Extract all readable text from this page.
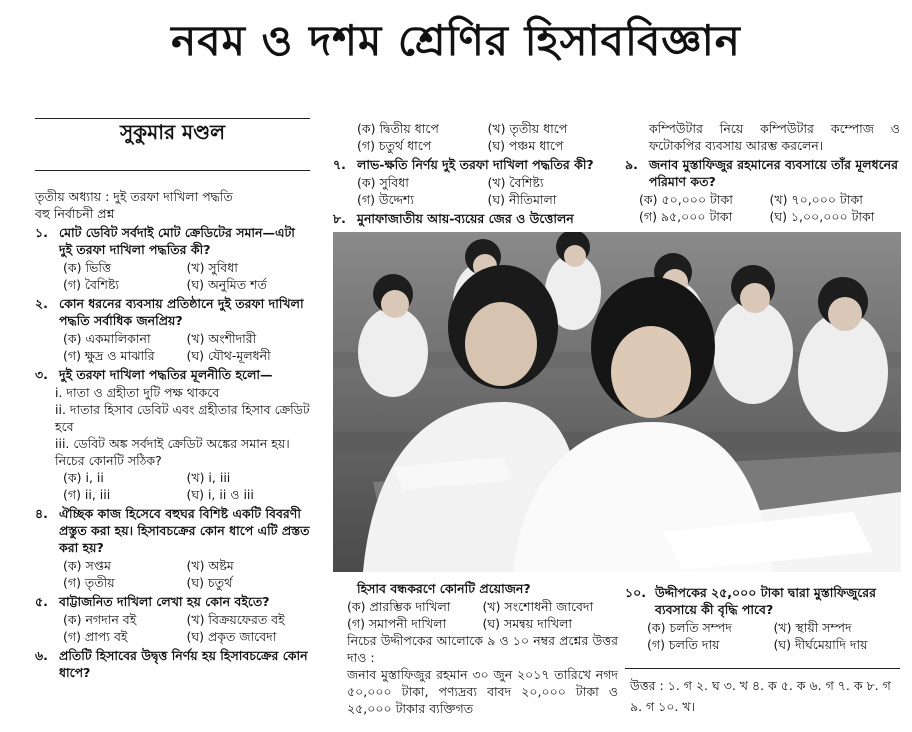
নবম ও দশম শ্রেণির হিসাববিজ্ঞান
সুকুমার মণ্ডল

তৃতীয় অধ্যায় : দুই তরফা দাখিলা পদ্ধতি

বহু নির্বাচনী প্রশ্ন

১. মোট ডেবিট সর্বদাই মোট ক্রেডিটের সমান—এটা দুই তরফা দাখিলা পদ্ধতির কী?
(ক) ভিত্তি	(খ) সুবিধা
(গ) বৈশিষ্ট্য	(ঘ) অনুমিত শর্ত
২. কোন ধরনের ব্যবসায় প্রতিষ্ঠানে দুই তরফা দাখিলা পদ্ধতি সর্বাধিক জনপ্রিয়?
(ক) একমালিকানা	(খ) অংশীদারী
(গ) ক্ষুদ্র ও মাঝারি	(ঘ) যৌথ-মূলধনী
৩. দুই তরফা দাখিলা পদ্ধতির মূলনীতি হলো—
i. দাতা ও গ্রহীতা দুটি পক্ষ থাকবে
ii. দাতার হিসাব ডেবিট এবং গ্রহীতার হিসাব ক্রেডিট হবে
iii. ডেবিট অঙ্ক সর্বদাই ক্রেডিট অঙ্কের সমান হয়।
নিচের কোনটি সঠিক?
(ক) i, ii	(খ) i, iii
(গ) ii, iii	(ঘ) i, ii ও iii
৪. ঐচ্ছিক কাজ হিসেবে বহুঘর বিশিষ্ট একটি বিবরণী প্রস্তুত করা হয়। হিসাবচক্রের কোন ধাপে এটি প্রস্তত করা হয়?
(ক) সপ্তম	(খ) অষ্টম
(গ) তৃতীয়	(ঘ) চতুর্থ
৫. বাট্টাজনিত দাখিলা লেখা হয় কোন বইতে?
(ক) নগদান বই	(খ) বিক্রয়ফেরত বই
(গ) প্রাপ্য বই	(ঘ) প্রকৃত জাবেদা
৬. প্রতিটি হিসাবের উদ্বৃত্ত নির্ণয় হয় হিসাবচক্রের কোন ধাপে?
(ক) দ্বিতীয় ধাপে	(খ) তৃতীয় ধাপে
(গ) চতুর্থ ধাপে	(ঘ) পঞ্চম ধাপে
৭. লাভ-ক্ষতি নির্ণয় দুই তরফা দাখিলা পদ্ধতির কী?
(ক) সুবিধা	(খ) বৈশিষ্ট্য
(গ) উদ্দেশ্য	(ঘ) নীতিমালা
৮. মুনাফাজাতীয় আয়-ব্যয়ের জের ও উত্তোলন

কম্পিউটার নিয়ে কম্পিউটার কম্পোজ ও ফটোকপির ব্যবসায় আরম্ভ করলেন।

৯. জনাব মুস্তাফিজুর রহমানের ব্যবসায়ে তাঁর মূলধনের পরিমাণ কত?
(ক) ৫০,০০০ টাকা	(খ) ৭০,০০০ টাকা
(গ) ৯৫,০০০ টাকা	(ঘ) ১,০০,০০০ টাকা
হিসাব বন্ধকরণে কোনটি প্রয়োজন?
(ক) প্রারম্ভিক দাখিলা	(খ) সংশোধনী জাবেদা
(গ) সমাপনী দাখিলা	(ঘ) সমন্বয় দাখিলা

নিচের উদ্দীপকের আলোকে ৯ ও ১০ নম্বর প্রশ্নের উত্তর দাও :

জনাব মুস্তাফিজুর রহমান ৩০ জুন ২০১৭ তারিখে নগদ ৫০,০০০ টাকা, পণ্যদ্রব্য বাবদ ২০,০০০ টাকা ও ২৫,০০০ টাকার ব্যক্তিগত

১০. উদ্দীপকের ২৫,০০০ টাকা দ্বারা মুস্তাফিজুরের ব্যবসায়ে কী বৃদ্ধি পাবে?
(ক) চলতি সম্পদ	(খ) স্থায়ী সম্পদ
(গ) চলতি দায়	(ঘ) দীর্ঘমেয়াদি দায়
উত্তর : ১. গ ২. ঘ ৩. খ ৪. ক ৫. ক ৬. গ ৭. ক ৮. গ ৯. গ ১০. খ।
